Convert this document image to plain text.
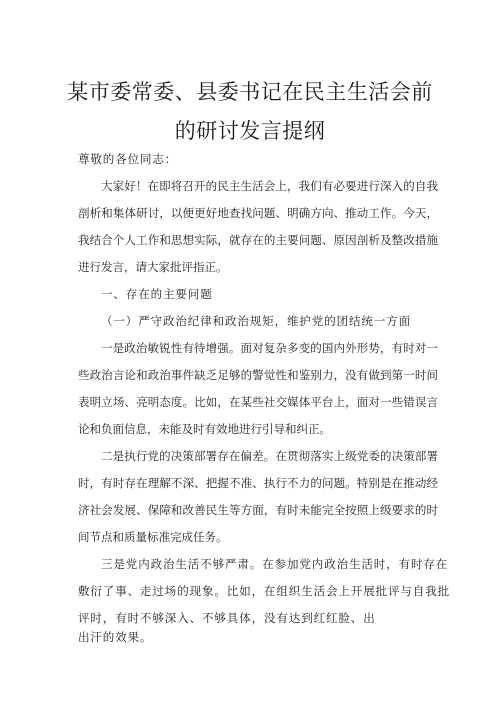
某市委常委、县委书记在民主生活会前
的研讨发言提纲
尊敬的各位同志：
大家好！在即将召开的民主生活会上，我们有必要进行深入的自我剖析和集体研讨，以便更好地查找问题、明确方向、推动工作。今天，我结合个人工作和思想实际，就存在的主要问题、原因剖析及整改措施进行发言，请大家批评指正。
一、存在的主要问题
（一）严守政治纪律和政治规矩，维护党的团结统一方面
一是政治敏锐性有待增强。面对复杂多变的国内外形势，有时对一些政治言论和政治事件缺乏足够的警觉性和鉴别力，没有做到第一时间表明立场、亮明态度。比如，在某些社交媒体平台上，面对一些错误言论和负面信息，未能及时有效地进行引导和纠正。
二是执行党的决策部署存在偏差。在贯彻落实上级党委的决策部署时，有时存在理解不深、把握不准、执行不力的问题。特别是在推动经济社会发展、保障和改善民生等方面，有时未能完全按照上级要求的时间节点和质量标准完成任务。
三是党内政治生活不够严肃。在参加党内政治生活时，有时存在
敷衍了事、走过场的现象。比如，在组织生活会上开展批评与自我批
评时，有时不够深入、不够具体，没有达到红红脸、出
出汗的效果。
